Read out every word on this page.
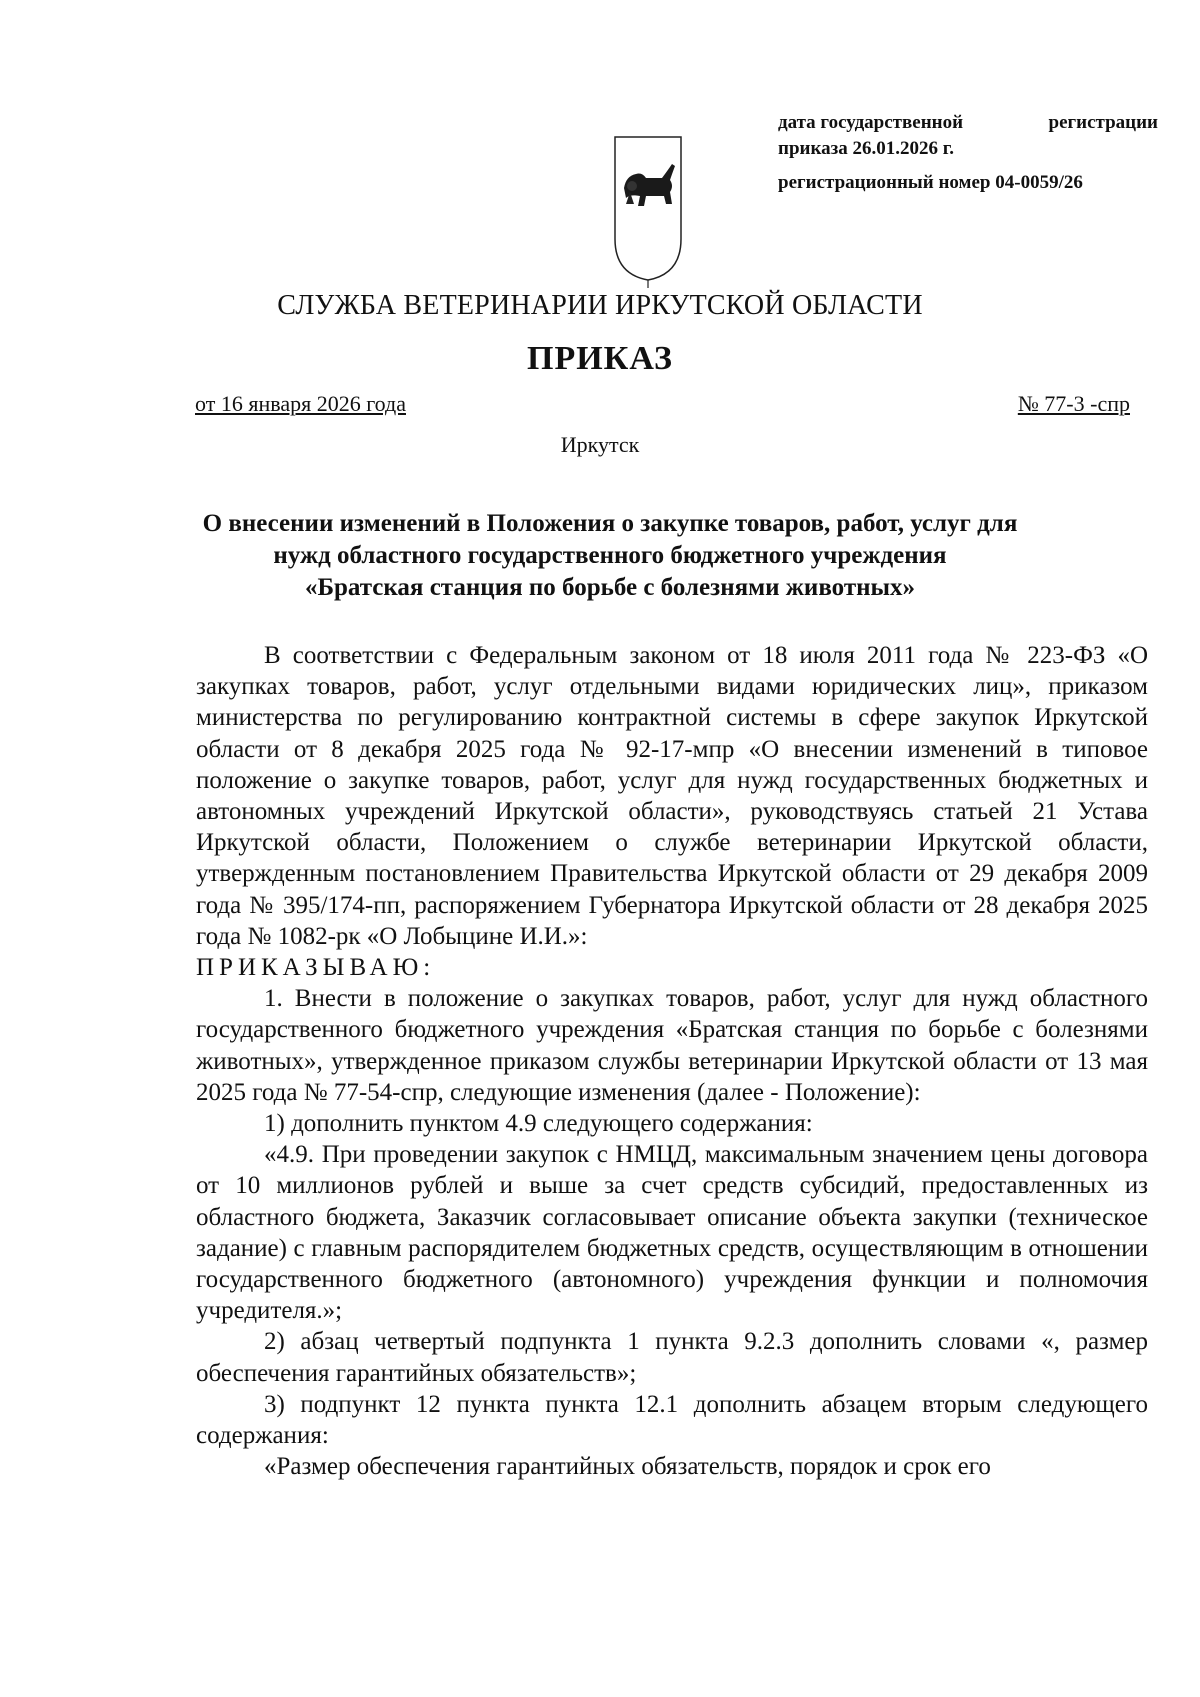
дата государственной	регистрации
приказа 26.01.2026 г.
регистрационный номер 04-0059/26
СЛУЖБА ВЕТЕРИНАРИИ ИРКУТСКОЙ ОБЛАСТИ
ПРИКАЗ
от 16 января 2026 года	№ 77-3 -спр
Иркутск
О внесении изменений в Положения о закупке товаров, работ, услуг для
нужд областного государственного бюджетного учреждения
«Братская станция по борьбе с болезнями животных»

В соответствии с Федеральным законом от 18 июля 2011 года № 223-ФЗ «О закупках товаров, работ, услуг отдельными видами юридических лиц», приказом министерства по регулированию контрактной системы в сфере закупок Иркутской области от 8 декабря 2025 года № 92-17-мпр «О внесении изменений в типовое положение о закупке товаров, работ, услуг для нужд государственных бюджетных и автономных учреждений Иркутской области», руководствуясь статьей 21 Устава Иркутской области, Положением о службе ветеринарии Иркутской области, утвержденным постановлением Правительства Иркутской области от 29 декабря 2009 года № 395/174-пп, распоряжением Губернатора Иркутской области от 28 декабря 2025 года № 1082-рк «О Лобыцине И.И.»:

ПРИКАЗЫВАЮ:

1. Внести в положение о закупках товаров, работ, услуг для нужд областного государственного бюджетного учреждения «Братская станция по борьбе с болезнями животных», утвержденное приказом службы ветеринарии Иркутской области от 13 мая 2025 года № 77-54-спр, следующие изменения (далее - Положение):

1) дополнить пунктом 4.9 следующего содержания:

«4.9. При проведении закупок с НМЦД, максимальным значением цены договора от 10 миллионов рублей и выше за счет средств субсидий, предоставленных из областного бюджета, Заказчик согласовывает описание объекта закупки (техническое задание) с главным распорядителем бюджетных средств, осуществляющим в отношении государственного бюджетного (автономного) учреждения функции и полномочия учредителя.»;

2) абзац четвертый подпункта 1 пункта 9.2.3 дополнить словами «, размер обеспечения гарантийных обязательств»;

3) подпункт 12 пункта пункта 12.1 дополнить абзацем вторым следующего содержания:

«Размер обеспечения гарантийных обязательств, порядок и срок его
